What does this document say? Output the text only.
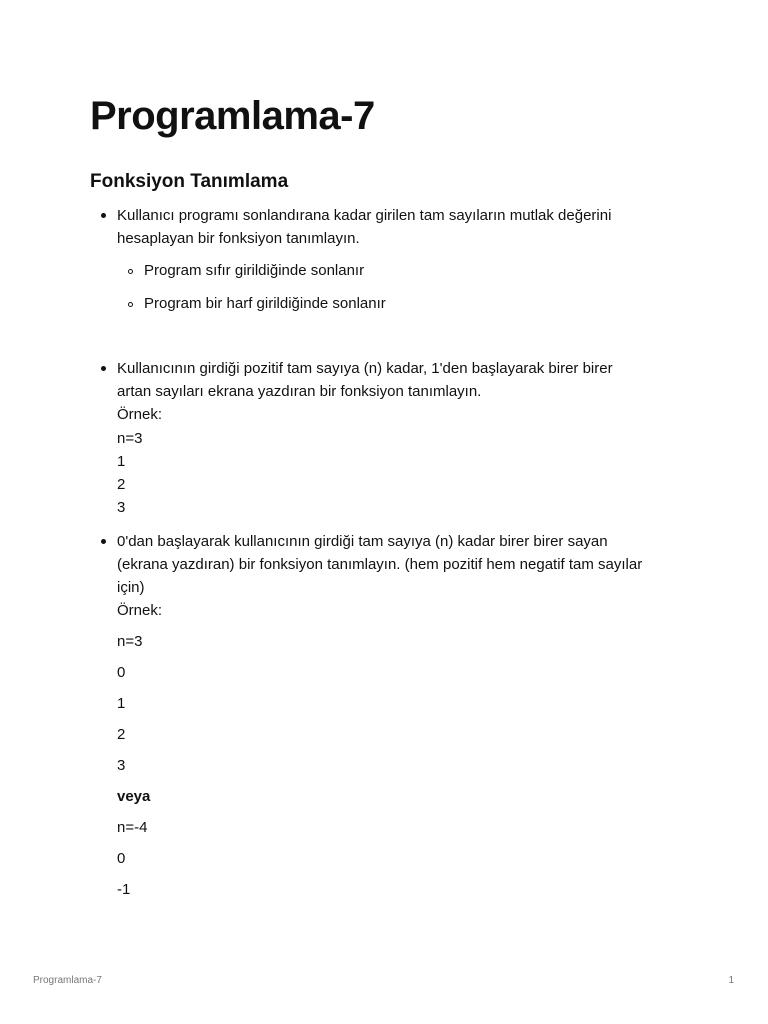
Programlama-7
Fonksiyon Tanımlama
Kullanıcı programı sonlandırana kadar girilen tam sayıların mutlak değerini
hesaplayan bir fonksiyon tanımlayın.
Program sıfır girildiğinde sonlanır
Program bir harf girildiğinde sonlanır
Kullanıcının girdiği pozitif tam sayıya (n) kadar, 1'den başlayarak birer birer
artan sayıları ekrana yazdıran bir fonksiyon tanımlayın.
Örnek:
n=3
1
2
3
0'dan başlayarak kullanıcının girdiği tam sayıya (n) kadar birer birer sayan
(ekrana yazdıran) bir fonksiyon tanımlayın. (hem pozitif hem negatif tam sayılar
için)
Örnek:
n=3
0
1
2
3
veya
n=-4
0
-1
Programlama-7	1
